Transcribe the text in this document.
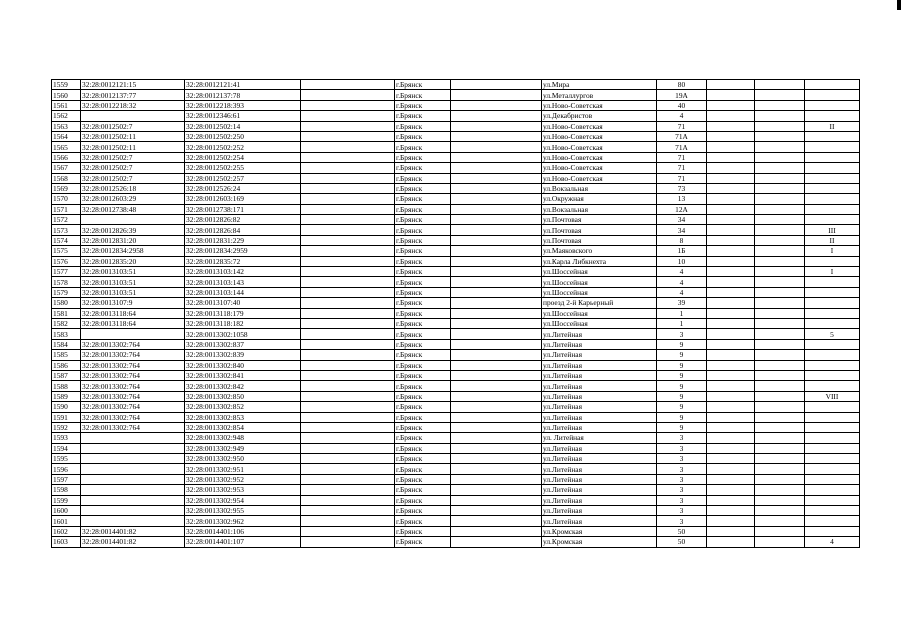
1559	32:28:0012121:15	32:28:0012121:41		г.Брянск		ул.Мира	80			
1560	32:28:0012137:77	32:28:0012137:78		г.Брянск		ул.Металлургов	19А			
1561	32:28:0012218:32	32:28:0012218:393		г.Брянск		ул.Ново-Советская	40			
1562		32:28:0012346:61		г.Брянск		ул.Декабристов	4			
1563	32:28:0012502:7	32:28:0012502:14		г.Брянск		ул.Ново-Советская	71			II
1564	32:28:0012502:11	32:28:0012502:250		г.Брянск		ул.Ново-Советская	71А			
1565	32:28:0012502:11	32:28:0012502:252		г.Брянск		ул.Ново-Советская	71А			
1566	32:28:0012502:7	32:28:0012502:254		г.Брянск		ул.Ново-Советская	71			
1567	32:28:0012502:7	32:28:0012502:255		г.Брянск		ул.Ново-Советская	71			
1568	32:28:0012502:7	32:28:0012502:257		г.Брянск		ул.Ново-Советская	71			
1569	32:28:0012526:18	32:28:0012526:24		г.Брянск		ул.Вокзальная	73			
1570	32:28:0012603:29	32:28:0012603:169		г.Брянск		ул.Окружная	13			
1571	32:28:0012738:48	32:28:0012738:171		г.Брянск		ул.Вокзальная	12А			
1572		32:28:0012826:82		г.Брянск		ул.Почтовая	34			
1573	32:28:0012826:39	32:28:0012826:84		г.Брянск		ул.Почтовая	34			III
1574	32:28:0012831:20	32:28:0012831:229		г.Брянск		ул.Почтовая	8			II
1575	32:28:0012834:2958	32:28:0012834:2959		г.Брянск		ул.Маяковского	1Б			I
1576	32:28:0012835:20	32:28:0012835:72		г.Брянск		ул.Карла Либкнехта	10			
1577	32:28:0013103:51	32:28:0013103:142		г.Брянск		ул.Шоссейная	4			I
1578	32:28:0013103:51	32:28:0013103:143		г.Брянск		ул.Шоссейная	4			
1579	32:28:0013103:51	32:28:0013103:144		г.Брянск		ул.Шоссейная	4			
1580	32:28:0013107:9	32:28:0013107:40		г.Брянск		проезд 2-й Карьерный	39			
1581	32:28:0013118:64	32:28:0013118:179		г.Брянск		ул.Шоссейная	1			
1582	32:28:0013118:64	32:28:0013118:182		г.Брянск		ул.Шоссейная	1			
1583		32:28:0013302:1058		г.Брянск		ул.Литейная	3			5
1584	32:28:0013302:764	32:28:0013302:837		г.Брянск		ул.Литейная	9			
1585	32:28:0013302:764	32:28:0013302:839		г.Брянск		ул.Литейная	9			
1586	32:28:0013302:764	32:28:0013302:840		г.Брянск		ул.Литейная	9			
1587	32:28:0013302:764	32:28:0013302:841		г.Брянск		ул.Литейная	9			
1588	32:28:0013302:764	32:28:0013302:842		г.Брянск		ул.Литейная	9			
1589	32:28:0013302:764	32:28:0013302:850		г.Брянск		ул.Литейная	9			VIII
1590	32:28:0013302:764	32:28:0013302:852		г.Брянск		ул.Литейная	9			
1591	32:28:0013302:764	32:28:0013302:853		г.Брянск		ул.Литейная	9			
1592	32:28:0013302:764	32:28:0013302:854		г.Брянск		ул.Литейная	9			
1593		32:28:0013302:948		г.Брянск		ул. Литейная	3			
1594		32:28:0013302:949		г.Брянск		ул.Литейная	3			
1595		32:28:0013302:950		г.Брянск		ул.Литейная	3			
1596		32:28:0013302:951		г.Брянск		ул.Литейная	3			
1597		32:28:0013302:952		г.Брянск		ул.Литейная	3			
1598		32:28:0013302:953		г.Брянск		ул.Литейная	3			
1599		32:28:0013302:954		г.Брянск		ул.Литейная	3			
1600		32:28:0013302:955		г.Брянск		ул.Литейная	3			
1601		32:28:0013302:962		г.Брянск		ул.Литейная	3			
1602	32:28:0014401:82	32:28:0014401:106		г.Брянск		ул.Кромская	50			
1603	32:28:0014401:82	32:28:0014401:107		г.Брянск		ул.Кромская	50			4
